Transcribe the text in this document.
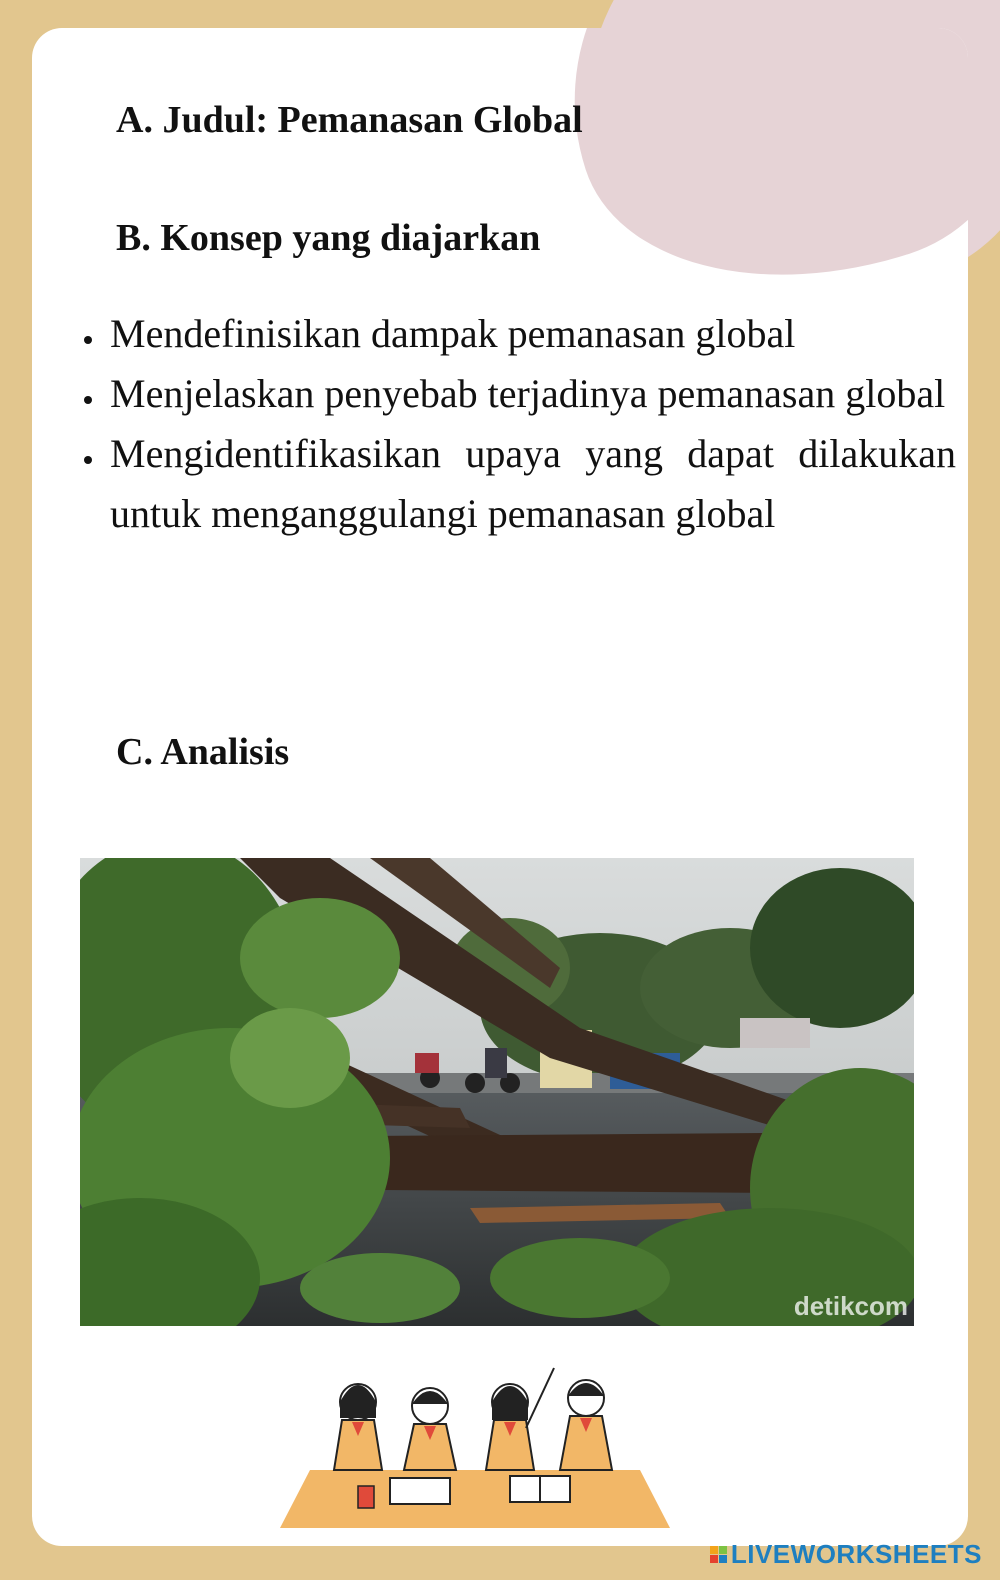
A. Judul: Pemanasan Global
B. Konsep yang diajarkan
• Mendefinisikan dampak pemanasan global
• Menjelaskan penyebab terjadinya pemanasan global
• Mengidentifikasikan upaya yang dapat dilakukan untuk menganggulangi pemanasan global
C. Analisis
detikcom
LIVEWORKSHEETS
